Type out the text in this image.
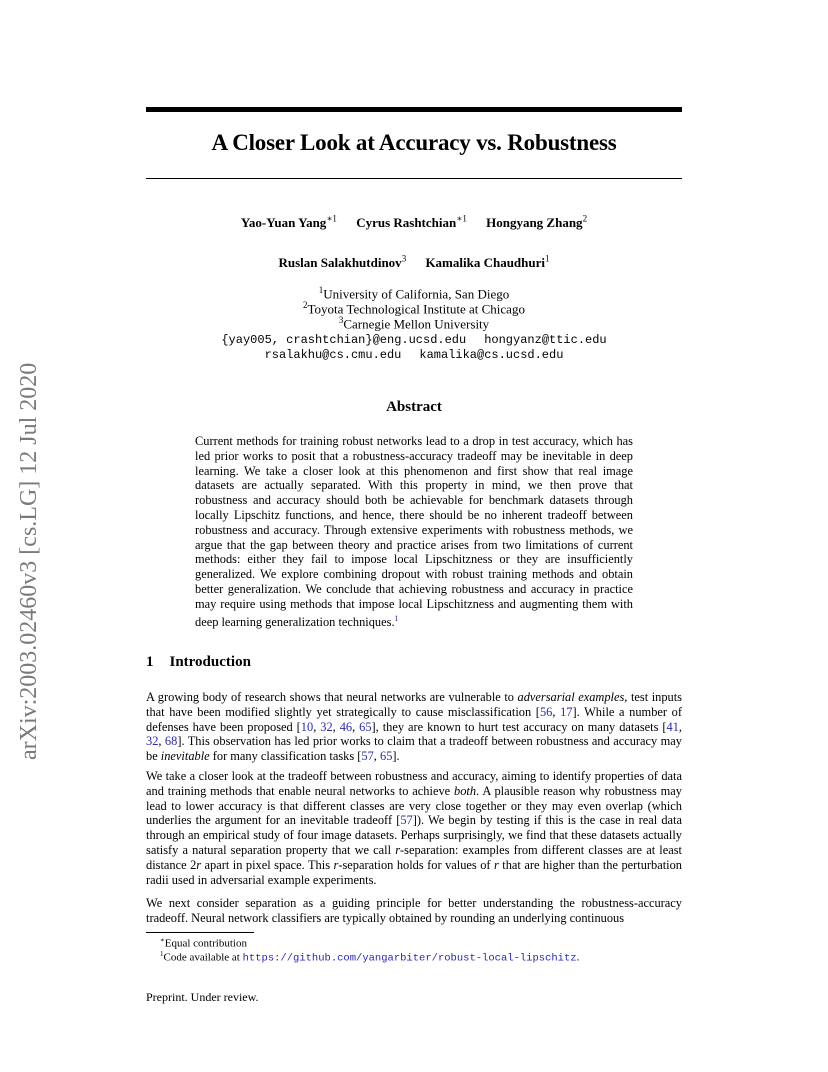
arXiv:2003.02460v3 [cs.LG] 12 Jul 2020
A Closer Look at Accuracy vs. Robustness
Yao-Yuan Yang$^{∗1}$ Cyrus Rashtchian$^{∗1}$ Hongyang Zhang$^2$
Ruslan Salakhutdinov$^3$ Kamalika Chaudhuri$^1$
$^1$University of California, San Diego
$^2$Toyota Technological Institute at Chicago
$^3$Carnegie Mellon University
{yay005, crashtchian}@eng.ucsd.edu hongyanz@ttic.edu
rsalakhu@cs.cmu.edu kamalika@cs.ucsd.edu
Abstract
Current methods for training robust networks lead to a drop in test accuracy, which has led prior works to posit that a robustness-accuracy tradeoff may be inevitable in deep learning. We take a closer look at this phenomenon and first show that real image datasets are actually separated. With this property in mind, we then prove that robustness and accuracy should both be achievable for benchmark datasets through locally Lipschitz functions, and hence, there should be no inherent tradeoff between robustness and accuracy. Through extensive experiments with robustness methods, we argue that the gap between theory and practice arises from two limitations of current methods: either they fail to impose local Lipschitzness or they are insufficiently generalized. We explore combining dropout with robust training methods and obtain better generalization. We conclude that achieving robustness and accuracy in practice may require using methods that impose local Lipschitzness and augmenting them with deep learning generalization techniques.$^1$
1 Introduction
A growing body of research shows that neural networks are vulnerable to adversarial examples, test inputs that have been modified slightly yet strategically to cause misclassification [56, 17]. While a number of defenses have been proposed [10, 32, 46, 65], they are known to hurt test accuracy on many datasets [41, 32, 68]. This observation has led prior works to claim that a tradeoff between robustness and accuracy may be inevitable for many classification tasks [57, 65].
We take a closer look at the tradeoff between robustness and accuracy, aiming to identify properties of data and training methods that enable neural networks to achieve both. A plausible reason why robustness may lead to lower accuracy is that different classes are very close together or they may even overlap (which underlies the argument for an inevitable tradeoff [57]). We begin by testing if this is the case in real data through an empirical study of four image datasets. Perhaps surprisingly, we find that these datasets actually satisfy a natural separation property that we call r-separation: examples from different classes are at least distance 2r apart in pixel space. This r-separation holds for values of r that are higher than the perturbation radii used in adversarial example experiments.
We next consider separation as a guiding principle for better understanding the robustness-accuracy tradeoff. Neural network classifiers are typically obtained by rounding an underlying continuous
∗Equal contribution
$^1$Code available at https://github.com/yangarbiter/robust-local-lipschitz.
Preprint. Under review.
